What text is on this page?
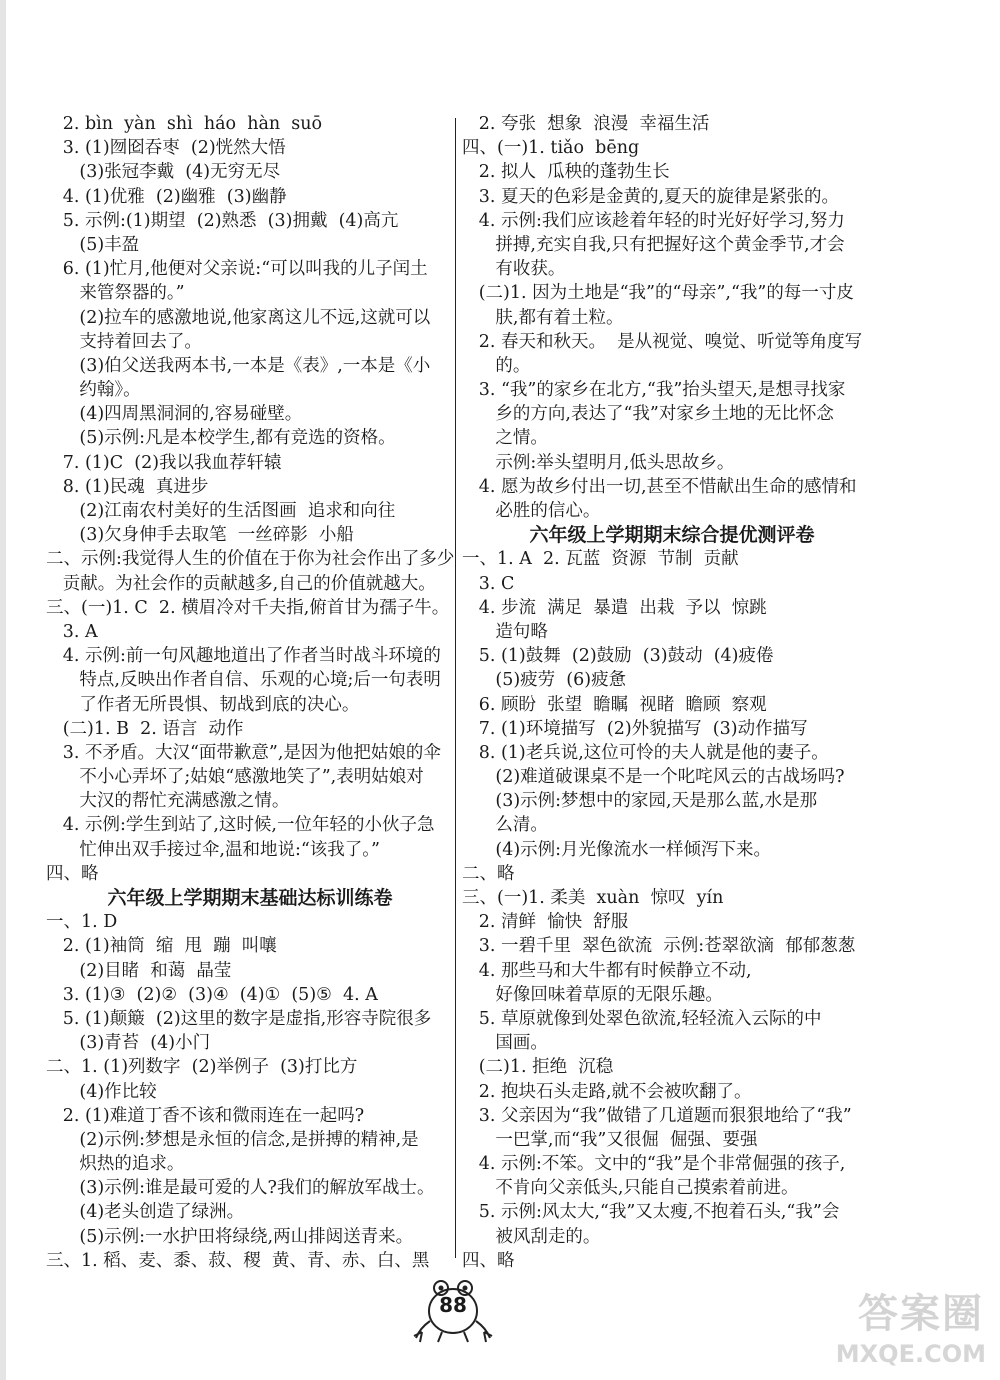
2. bìn  yàn  shì  háo  hàn  suō
3. (1)囫囵吞枣  (2)恍然大悟
(3)张冠李戴  (4)无穷无尽
4. (1)优雅  (2)幽雅  (3)幽静
5. 示例:(1)期望  (2)熟悉  (3)拥戴  (4)高亢
(5)丰盈
6. (1)忙月,他便对父亲说:“可以叫我的儿子闰土
来管祭器的。”
(2)拉车的感激地说,他家离这儿不远,这就可以
支持着回去了。
(3)伯父送我两本书,一本是《表》,一本是《小
约翰》。
(4)四周黑洞洞的,容易碰壁。
(5)示例:凡是本校学生,都有竞选的资格。
7. (1)C  (2)我以我血荐轩辕
8. (1)民魂  真进步
(2)江南农村美好的生活图画  追求和向往
(3)欠身伸手去取笔  一丝碎影  小船
二、示例:我觉得人生的价值在于你为社会作出了多少
贡献。为社会作的贡献越多,自己的价值就越大。
三、(一)1. C  2. 横眉冷对千夫指,俯首甘为孺子牛。
3. A
4. 示例:前一句风趣地道出了作者当时战斗环境的
特点,反映出作者自信、乐观的心境;后一句表明
了作者无所畏惧、韧战到底的决心。
(二)1. B  2. 语言  动作
3. 不矛盾。大汉“面带歉意”,是因为他把姑娘的伞
不小心弄坏了;姑娘“感激地笑了”,表明姑娘对
大汉的帮忙充满感激之情。
4. 示例:学生到站了,这时候,一位年轻的小伙子急
忙伸出双手接过伞,温和地说:“该我了。”
四、略
六年级上学期期末基础达标训练卷
一、1. D
2. (1)袖筒  缩  甩  蹦  叫嚷
(2)目睹  和蔼  晶莹
3. (1)③  (2)②  (3)④  (4)①  (5)⑤  4. A
5. (1)颠簸  (2)这里的数字是虚指,形容寺院很多
(3)青苔  (4)小门
二、1. (1)列数字  (2)举例子  (3)打比方
(4)作比较
2. (1)难道丁香不该和微雨连在一起吗?
(2)示例:梦想是永恒的信念,是拼搏的精神,是
炽热的追求。
(3)示例:谁是最可爱的人?我们的解放军战士。
(4)老头创造了绿洲。
(5)示例:一水护田将绿绕,两山排闼送青来。
三、1. 稻、麦、黍、菽、稷  黄、青、赤、白、黑
2. 夸张  想象  浪漫  幸福生活
四、(一)1. tiǎo  bēng
2. 拟人  瓜秧的蓬勃生长
3. 夏天的色彩是金黄的,夏天的旋律是紧张的。
4. 示例:我们应该趁着年轻的时光好好学习,努力
拼搏,充实自我,只有把握好这个黄金季节,才会
有收获。
(二)1. 因为土地是“我”的“母亲”,“我”的每一寸皮
肤,都有着土粒。
2. 春天和秋天。  是从视觉、嗅觉、听觉等角度写
的。
3. “我”的家乡在北方,“我”抬头望天,是想寻找家
乡的方向,表达了“我”对家乡土地的无比怀念
之情。
示例:举头望明月,低头思故乡。
4. 愿为故乡付出一切,甚至不惜献出生命的感情和
必胜的信心。
六年级上学期期末综合提优测评卷
一、1. A  2. 瓦蓝  资源  节制  贡献
3. C
4. 步流  满足  暴遣  出栽  予以  惊跳
造句略
5. (1)鼓舞  (2)鼓励  (3)鼓动  (4)疲倦
(5)疲劳  (6)疲惫
6. 顾盼  张望  瞻瞩  视睹  瞻顾  察观
7. (1)环境描写  (2)外貌描写  (3)动作描写
8. (1)老兵说,这位可怜的夫人就是他的妻子。
(2)难道破课桌不是一个叱咤风云的古战场吗?
(3)示例:梦想中的家园,天是那么蓝,水是那
么清。
(4)示例:月光像流水一样倾泻下来。
二、略
三、(一)1. 柔美  xuàn  惊叹  yín
2. 清鲜  愉快  舒服
3. 一碧千里  翠色欲流  示例:苍翠欲滴  郁郁葱葱
4. 那些马和大牛都有时候静立不动,
好像回味着草原的无限乐趣。
5. 草原就像到处翠色欲流,轻轻流入云际的中
国画。
(二)1. 拒绝  沉稳
2. 抱块石头走路,就不会被吹翻了。
3. 父亲因为“我”做错了几道题而狠狠地给了“我”
一巴掌,而“我”又很倔  倔强、要强
4. 示例:不笨。文中的“我”是个非常倔强的孩子,
不肯向父亲低头,只能自己摸索着前进。
5. 示例:风太大,“我”又太瘦,不抱着石头,“我”会
被风刮走的。
四、略
88	答案圈
MXQE.COM
